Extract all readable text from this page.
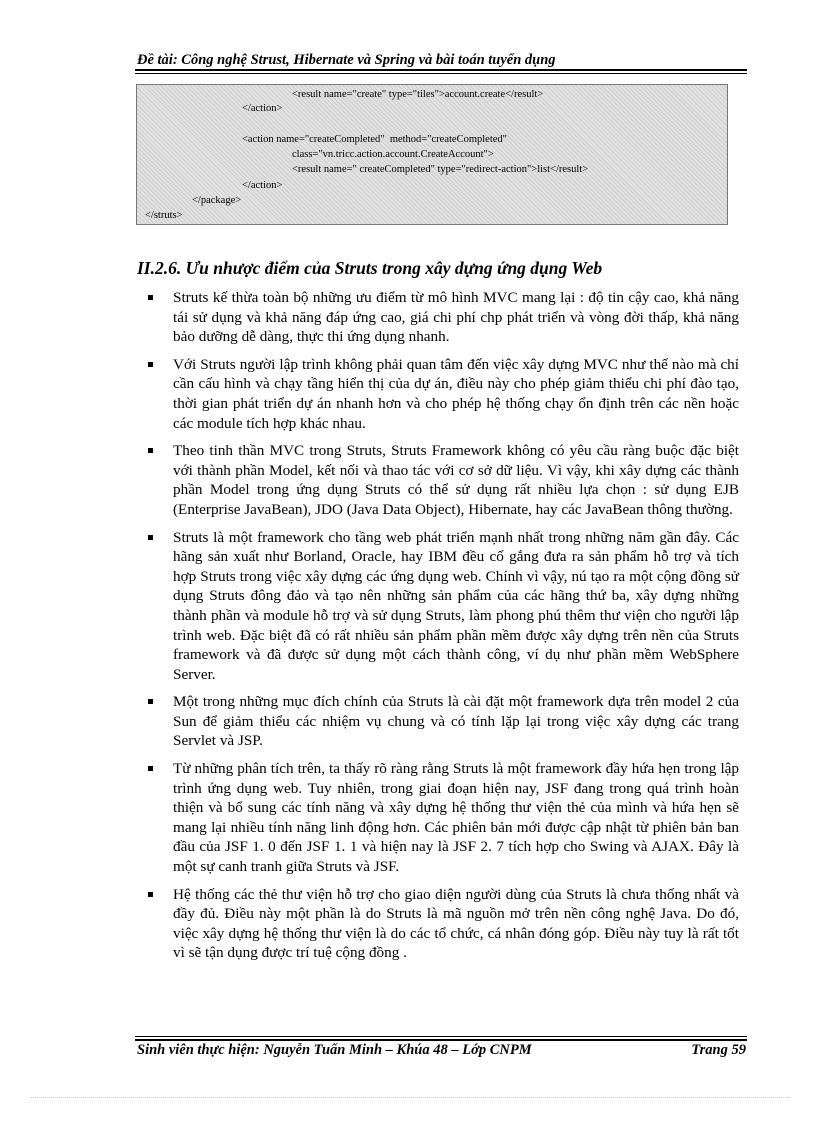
Đề tài: Công nghệ Strust, Hibernate và Spring và bài toán tuyển dụng
<result name="create" type="tiles">account.create</result>
</action>
<action name="createCompleted"  method="createCompleted"
class="vn.tricc.action.account.CreateAccount">
<result name=" createCompleted" type="redirect-action">list</result>
</action>
</package>
</struts>
II.2.6. Ưu nhược điểm của Struts trong xây dựng ứng dụng Web
Struts kế thừa toàn bộ những ưu điểm từ mô hình MVC mang lại : độ tin cậy cao, khả năng tái sử dụng và khả năng đáp ứng cao, giá chi phí chp phát triển và vòng đời thấp, khả năng bảo dưỡng dễ dàng, thực thi ứng dụng nhanh.
Với Struts người lập trình không phải quan tâm đến việc xây dựng MVC như thế nào mà chỉ cần cấu hình và chạy tầng hiển thị của dự án, điều này cho phép giảm thiểu chi phí đào tạo, thời gian phát triển dự án nhanh hơn và cho phép hệ thống chạy ổn định trên các nền hoặc các module tích hợp khác nhau.
Theo tinh thần MVC trong Struts, Struts Framework không có yêu cầu ràng buộc đặc biệt với thành phần Model, kết nối và thao tác với cơ sở dữ liệu. Vì vậy, khi xây dựng các thành phần Model trong ứng dụng Struts có thể sử dụng rất nhiều lựa chọn : sử dụng EJB (Enterprise JavaBean), JDO (Java Data Object), Hibernate, hay các JavaBean thông thường.
Struts là một framework cho tầng web phát triển mạnh nhất trong những năm gần đây. Các hãng sản xuất như Borland, Oracle, hay IBM đều cố gắng đưa ra sản phẩm hỗ trợ và tích hợp Struts trong việc xây dựng các ứng dụng web. Chính vì vậy, nú tạo ra một cộng đồng sử dụng Struts đông đảo và tạo nên những sản phẩm của các hãng thứ ba, xây dựng những thành phần và module hỗ trợ và sử dụng Struts, làm phong phú thêm thư viện cho người lập trình web. Đặc biệt đã có rất nhiều sản phẩm phần mềm được xây dựng trên nền của Struts framework và đã được sử dụng một cách thành công, ví dụ như phần mềm WebSphere Server.
Một trong những mục đích chính của Struts là cài đặt một framework dựa trên model 2 của Sun để giảm thiểu các nhiệm vụ chung và có tính lặp lại trong việc xây dựng các trang Servlet và JSP.
Từ những phân tích trên, ta thấy rõ ràng rằng Struts là một framework đầy hứa hẹn trong lập trình ứng dụng web. Tuy nhiên, trong giai đoạn hiện nay, JSF đang trong quá trình hoàn thiện và bổ sung các tính năng và xây dựng hệ thống thư viện thẻ của mình và hứa hẹn sẽ mang lại nhiều tính năng linh động hơn. Các phiên bản mới được cập nhật từ phiên bản ban đầu của JSF 1. 0 đến JSF 1. 1 và hiện nay là JSF 2. 7 tích hợp cho Swing và AJAX. Đây là một sự canh tranh giữa Struts và JSF.
Hệ thống các thẻ thư viện hỗ trợ cho giao diện người dùng của Struts là chưa thống nhất và đầy đủ. Điều này một phần là do Struts là mã nguồn mở trên nền công nghệ Java. Do đó, việc xây dựng hệ thống thư viện là do các tổ chức, cá nhân đóng góp. Điều này tuy là rất tốt vì sẽ tận dụng được trí tuệ cộng đồng .
Sinh viên thực hiện: Nguyễn Tuấn Minh – Khúa 48 – Lớp CNPM	Trang 59
